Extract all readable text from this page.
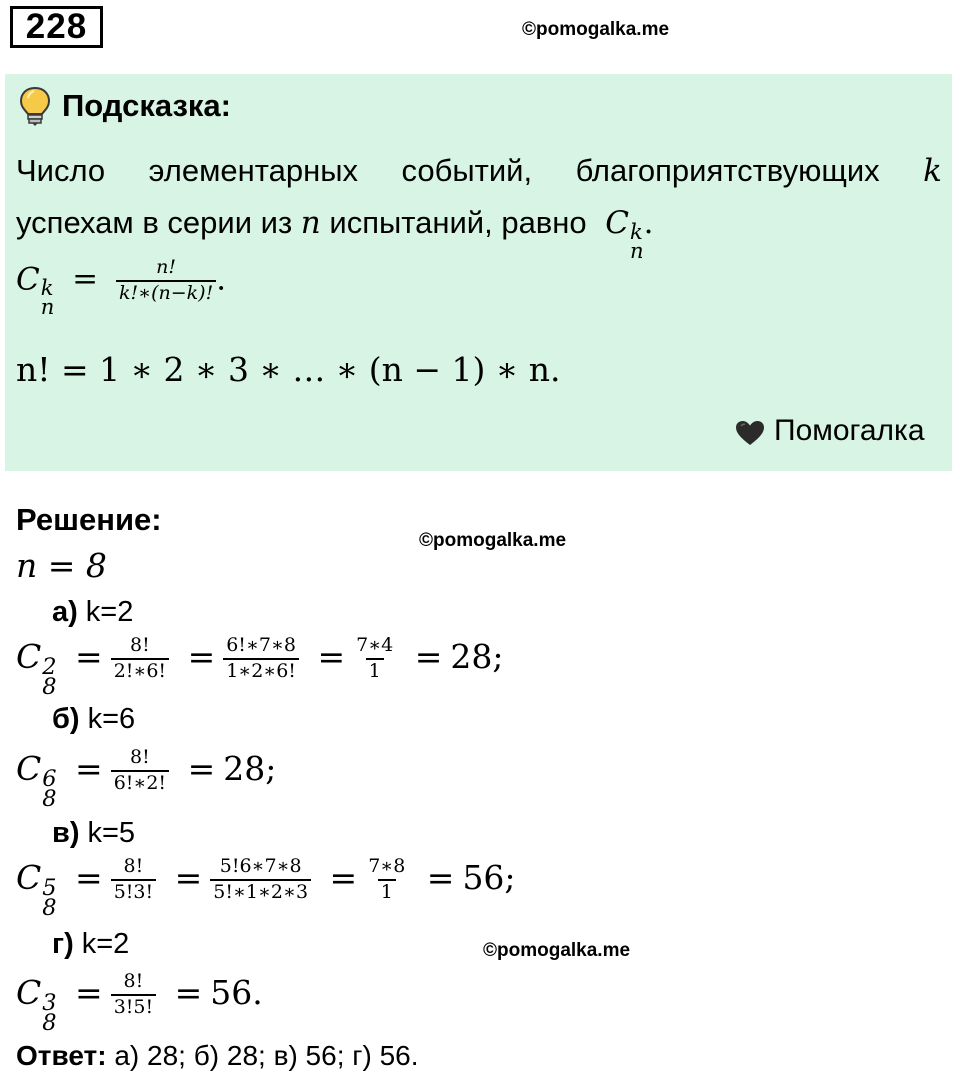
228	©pomogalka.me
Подсказка:
Число элементарных событий, благоприятствующих k
успехам в серии из n испытаний, равно C k
n
.
C k
n
= $\frac{n!}{k!∗(n-k)!}$ .
n! = 1 ∗ 2 ∗ 3 ∗ … ∗ (n − 1) ∗ n.
Помогалка
Решение:
©pomogalka.me
n = 8
а) k=2
C 2
8
= $\frac{8!}{2!∗6!} = \frac{6!∗7∗8}{1∗2∗6!} = \frac{7∗4}{1} = 28$;
б) k=6
C 6
8
= $\frac{8!}{6!∗2!} = 28$;
в) k=5
C 5
8
= $\frac{8!}{5!3!} = \frac{5!6∗7∗8}{5!∗1∗2∗3} = \frac{7∗8}{1} = 56$;
г) k=2	©pomogalka.me
C 3
8
= $\frac{8!}{3!5!} = 56$.
Ответ: а) 28; б) 28; в) 56; г) 56.
